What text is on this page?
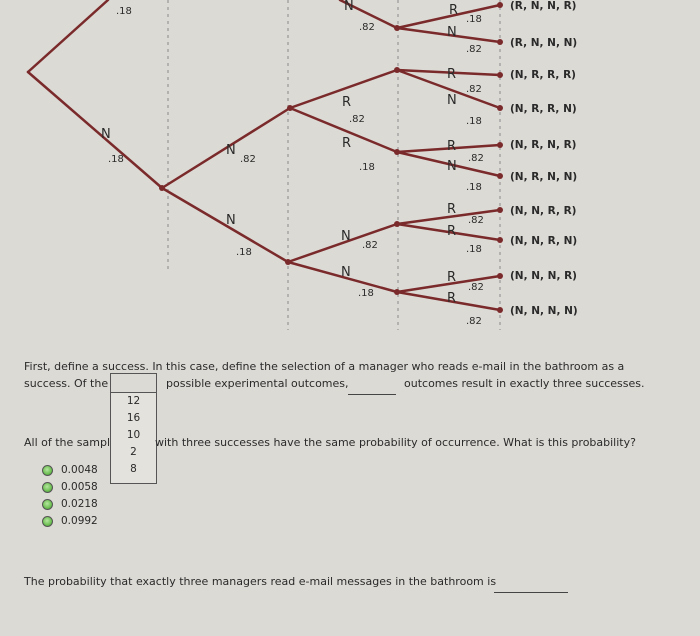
N	R
N
R
N
R
N
R
N	R
N
R
N
R
N
R
N
R
.18
.82
.18
.82
.82
.18
.82
.18	.82
.18
.82
.18
.82
.18
.82	.18
.82
.18
.82
(R, N, N, R)
(R, N, N, N)
(N, R, R, R)
(N, R, R, N)
(N, R, N, R)
(N, R, N, N)
(N, N, R, R)
(N, N, R, N)
(N, N, N, R)
(N, N, N, N)
First, define a success. In this case, define the selection of a manager who reads e-mail in the bathroom as a
success. Of the
12
16
10
2
8
possible experimental outcomes,	outcomes result in exactly three successes.
All of the sampl	with three successes have the same probability of occurrence. What is this probability?
0.0048
0.0058
0.0218
0.0992
The probability that exactly three managers read e-mail messages in the bathroom is
